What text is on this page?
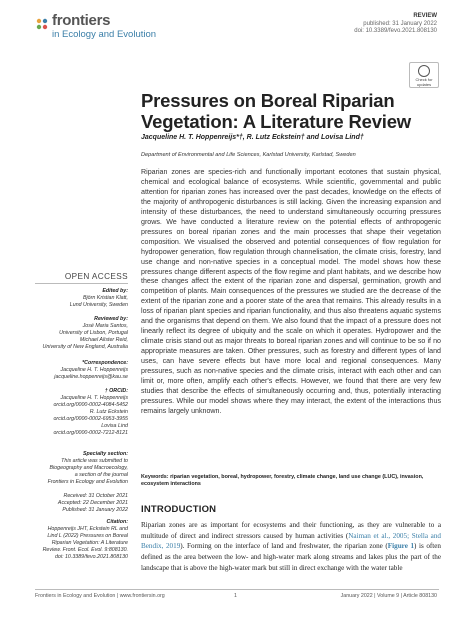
frontiers
in Ecology and Evolution
REVIEW
published: 31 January 2022
doi: 10.3389/fevo.2021.808130
Check for updates
Pressures on Boreal Riparian Vegetation: A Literature Review
Jacqueline H. T. Hoppenreijs*†, R. Lutz Eckstein† and Lovisa Lind†
Department of Environmental and Life Sciences, Karlstad University, Karlstad, Sweden
Riparian zones are species-rich and functionally important ecotones that sustain physical, chemical and ecological balance of ecosystems. While scientific, governmental and public attention for riparian zones has increased over the past decades, knowledge on the effects of the majority of anthropogenic disturbances is still lacking. Given the increasing expansion and intensity of these disturbances, the need to understand simultaneously occurring pressures grows. We have conducted a literature review on the potential effects of anthropogenic pressures on boreal riparian zones and the main processes that shape their vegetation composition. We visualised the observed and potential consequences of flow regulation for hydropower generation, flow regulation through channelisation, the climate crisis, forestry, land use change and non-native species in a conceptual model. The model shows how these pressures change different aspects of the flow regime and plant habitats, and we describe how these changes affect the extent of the riparian zone and dispersal, germination, growth and competition of plants. Main consequences of the pressures we studied are the decrease of the extent of the riparian zone and a poorer state of the area that remains. This already results in a loss of riparian plant species and riparian functionality, and thus also threatens aquatic systems and the organisms that depend on them. We also found that the impact of a pressure does not linearly reflect its degree of ubiquity and the scale on which it operates. Hydropower and the climate crisis stand out as major threats to boreal riparian zones and will continue to be so if no appropriate measures are taken. Other pressures, such as forestry and different types of land uses, can have severe effects but have more local and regional consequences. Many pressures, such as non-native species and the climate crisis, interact with each other and can limit or, more often, amplify each other's effects. However, we found that there are very few studies that describe the effects of simultaneously occurring and, thus, potentially interacting pressures. While our model shows where they may interact, the extent of the interactions thus remains largely unknown.
Keywords: riparian vegetation, boreal, hydropower, forestry, climate change, land use change (LUC), invasion, ecosystem interactions
INTRODUCTION
Riparian zones are as important for ecosystems and their functioning, as they are vulnerable to a multitude of direct and indirect stressors caused by human activities (Naiman et al., 2005; Stella and Bendix, 2019). Forming on the interface of land and freshwater, the riparian zone (Figure 1) is often defined as the area between the low- and high-water mark along streams and lakes plus the part of the landscape that is above the high-water mark but still in direct exchange with the water table
OPEN ACCESS
Edited by:
Björn Kristian Klatt,
Lund University, Sweden
Reviewed by:
José Maria Santos,
University of Lisbon, Portugal
Michael Alister Reid,
University of New England, Australia
*Correspondence:
Jacqueline H. T. Hoppenreijs
jacqueline.hoppenreijs@kau.se
† ORCID:
Jacqueline H. T. Hoppenreijs
orcid.org/0000-0002-4084-5452
R. Lutz Eckstein
orcid.org/0000-0002-6953-3955
Lovisa Lind
orcid.org/0000-0002-7212-8121
Specialty section:
This article was submitted to
Biogeography and Macroecology,
a section of the journal
Frontiers in Ecology and Evolution
Received: 31 October 2021
Accepted: 22 December 2021
Published: 31 January 2022
Citation:
Hoppenreijs JHT, Eckstein RL and
Lind L (2022) Pressures on Boreal
Riparian Vegetation: A Literature
Review. Front. Ecol. Evol. 9:808130.
doi: 10.3389/fevo.2021.808130
Frontiers in Ecology and Evolution | www.frontiersin.org	1	January 2022 | Volume 9 | Article 808130
